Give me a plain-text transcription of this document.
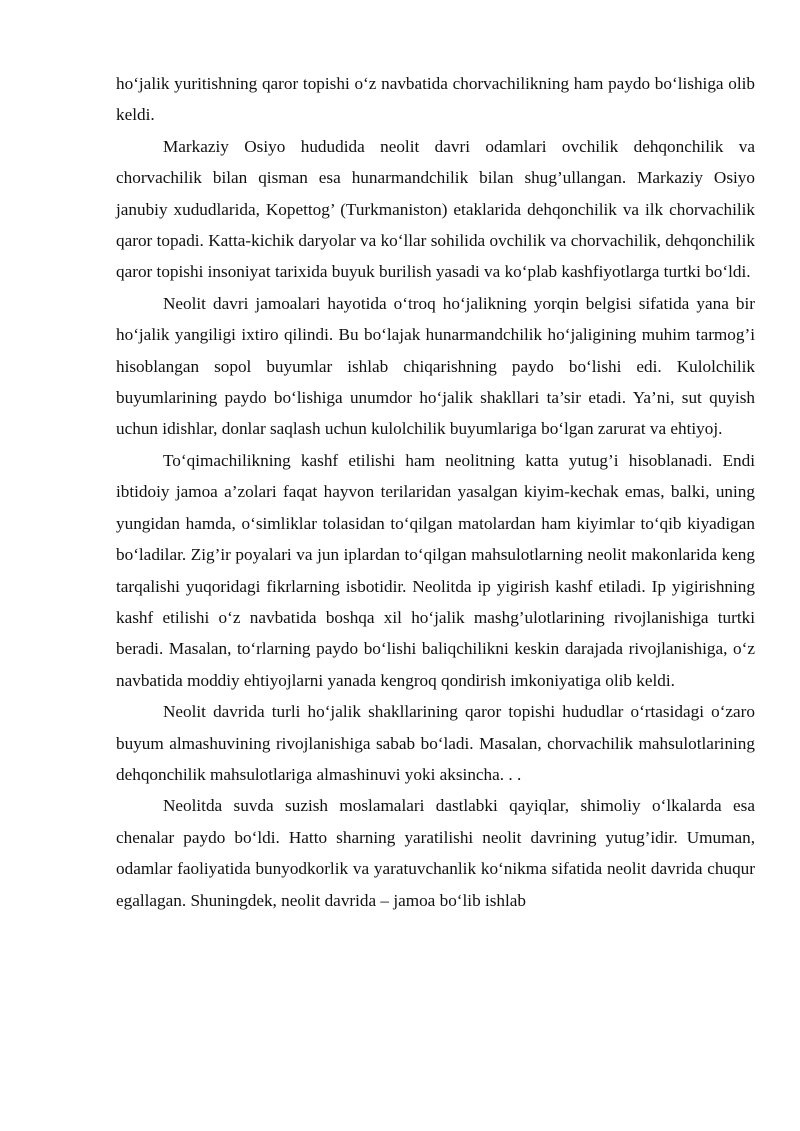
ho‘jalik yuritishning qaror topishi o‘z navbatida chorvachilikning ham paydo bo‘lishiga olib keldi.

Markaziy Osiyo hududida neolit davri odamlari ovchilik dehqonchilik va chorvachilik bilan qisman esa hunarmandchilik bilan shug’ullangan. Markaziy Osiyo janubiy xududlarida, Kopettog’ (Turkmaniston) etaklarida dehqonchilik va ilk chorvachilik qaror topadi. Katta-kichik daryolar va ko‘llar sohilida ovchilik va chorvachilik, dehqonchilik qaror topishi insoniyat tarixida buyuk burilish yasadi va ko‘plab kashfiyotlarga turtki bo‘ldi.

Neolit davri jamoalari hayotida o‘troq ho‘jalikning yorqin belgisi sifatida yana bir ho‘jalik yangiligi ixtiro qilindi. Bu bo‘lajak hunarmandchilik ho‘jaligining muhim tarmog’i hisoblangan sopol buyumlar ishlab chiqarishning paydo bo‘lishi edi. Kulolchilik buyumlarining paydo bo‘lishiga unumdor ho‘jalik shakllari ta’sir etadi. Ya’ni, sut quyish uchun idishlar, donlar saqlash uchun kulolchilik buyumlariga bo‘lgan zarurat va ehtiyoj.

To‘qimachilikning kashf etilishi ham neolitning katta yutug’i hisoblanadi. Endi ibtidoiy jamoa a’zolari faqat hayvon terilaridan yasalgan kiyim-kechak emas, balki, uning yungidan hamda, o‘simliklar tolasidan to‘qilgan matolardan ham kiyimlar to‘qib kiyadigan bo‘ladilar. Zig’ir poyalari va jun iplardan to‘qilgan mahsulotlarning neolit makonlarida keng tarqalishi yuqoridagi fikrlarning isbotidir. Neolitda ip yigirish kashf etiladi. Ip yigirishning kashf etilishi o‘z navbatida boshqa xil ho‘jalik mashg’ulotlarining rivojlanishiga turtki beradi. Masalan, to‘rlarning paydo bo‘lishi baliqchilikni keskin darajada rivojlanishiga, o‘z navbatida moddiy ehtiyojlarni yanada kengroq qondirish imkoniyatiga olib keldi.

Neolit davrida turli ho‘jalik shakllarining qaror topishi hududlar o‘rtasidagi o‘zaro buyum almashuvining rivojlanishiga sabab bo‘ladi. Masalan, chorvachilik mahsulotlarining dehqonchilik mahsulotlariga almashinuvi yoki aksincha. . .

Neolitda suvda suzish moslamalari dastlabki qayiqlar, shimoliy o‘lkalarda esa chenalar paydo bo‘ldi. Hatto sharning yaratilishi neolit davrining yutug’idir. Umuman, odamlar faoliyatida bunyodkorlik va yaratuvchanlik ko‘nikma sifatida neolit davrida chuqur egallagan. Shuningdek, neolit davrida – jamoa bo‘lib ishlab
